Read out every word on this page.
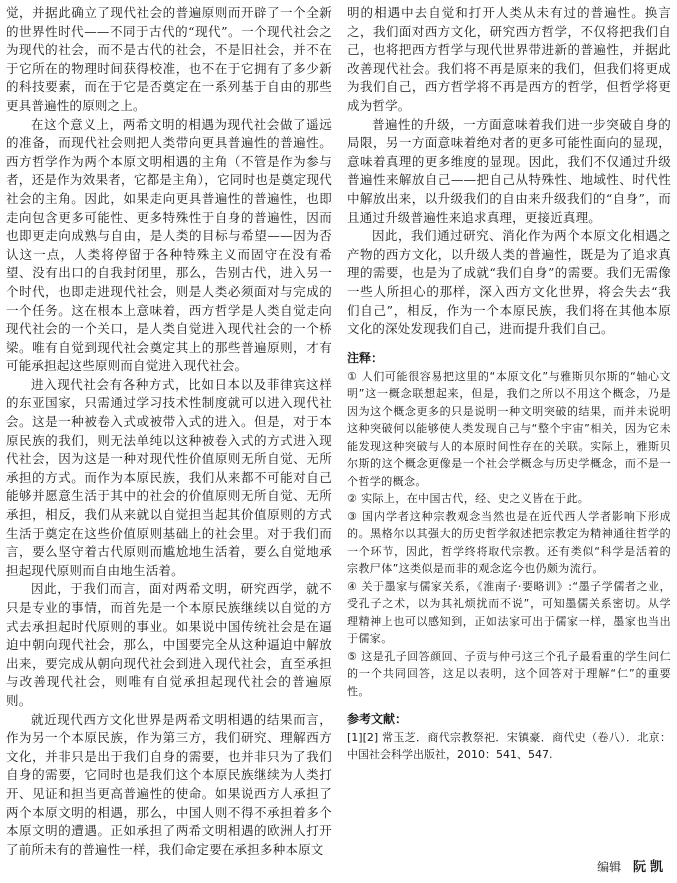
觉，并据此确立了现代社会的普遍原则而开辟了一个全新的世界性时代——不同于古代的“现代”。一个现代社会之为现代的社会，而不是古代的社会，不是旧社会，并不在于它所在的物理时间获得校准，也不在于它拥有了多少新的科技要素，而在于它是否奠定在一系列基于自由的那些更具普遍性的原则之上。

在这个意义上，两希文明的相遇为现代社会做了遥远的准备，而现代社会则把人类带向更具普遍性的普遍性。西方哲学作为两个本原文明相遇的主角（不管是作为参与者，还是作为效果者，它都是主角），它同时也是奠定现代社会的主角。因此，如果走向更具普遍性的普遍性，也即走向包含更多可能性、更多特殊性于自身的普遍性，因而也即更走向成熟与自由，是人类的目标与希望——因为否认这一点，人类将停留于各种特殊主义而固守在没有希望、没有出口的自我封闭里，那么，告别古代，进入另一个时代，也即走进现代社会，则是人类必须面对与完成的一个任务。这在根本上意味着，西方哲学是人类自觉走向现代社会的一个关口，是人类自觉进入现代社会的一个桥梁。唯有自觉到现代社会奠定其上的那些普遍原则，才有可能承担起这些原则而自觉进入现代社会。

进入现代社会有各种方式，比如日本以及菲律宾这样的东亚国家，只需通过学习技术性制度就可以进入现代社会。这是一种被卷入式或被带入式的进入。但是，对于本原民族的我们，则无法单纯以这种被卷入式的方式进入现代社会，因为这是一种对现代性价值原则无所自觉、无所承担的方式。而作为本原民族，我们从来都不可能对自己能够并愿意生活于其中的社会的价值原则无所自觉、无所承担，相反，我们从来就以自觉担当起其价值原则的方式生活于奠定在这些价值原则基础上的社会里。对于我们而言，要么坚守着古代原则而尴尬地生活着，要么自觉地承担起现代原则而自由地生活着。

因此，于我们而言，面对两希文明，研究西学，就不只是专业的事情，而首先是一个本原民族继续以自觉的方式去承担起时代原则的事业。如果说中国传统社会是在逼迫中朝向现代社会，那么，中国要完全从这种逼迫中解放出来，要完成从朝向现代社会到进入现代社会，直至承担与改善现代社会，则唯有自觉承担起现代社会的普遍原则。

就近现代西方文化世界是两希文明相遇的结果而言，作为另一个本原民族，作为第三方，我们研究、理解西方文化，并非只是出于我们自身的需要，也并非只为了我们自身的需要，它同时也是我们这个本原民族继续为人类打开、见证和担当更高普遍性的使命。如果说西方人承担了两个本原文明的相遇，那么，中国人则不得不承担着多个本原文明的遭遇。正如承担了两希文明相遇的欧洲人打开了前所未有的普遍性一样，我们命定要在承担多种本原文

明的相遇中去自觉和打开人类从未有过的普遍性。换言之，我们面对西方文化，研究西方哲学，不仅将把我们自己，也将把西方哲学与现代世界带进新的普遍性，并据此改善现代社会。我们将不再是原来的我们，但我们将更成为我们自己，西方哲学将不再是西方的哲学，但哲学将更成为哲学。

普遍性的升级，一方面意味着我们进一步突破自身的局限，另一方面意味着绝对者的更多可能性面向的显现，意味着真理的更多维度的显现。因此，我们不仅通过升级普遍性来解放自己——把自己从特殊性、地域性、时代性中解放出来，以升级我们的自由来升级我们的“自身”，而且通过升级普遍性来追求真理，更接近真理。

因此，我们通过研究、消化作为两个本原文化相遇之产物的西方文化，以升级人类的普遍性，既是为了追求真理的需要，也是为了成就“我们自身”的需要。我们无需像一些人所担心的那样，深入西方文化世界，将会失去“我们自己”，相反，作为一个本原民族，我们将在其他本原文化的深处发现我们自己，进而提升我们自己。

注释：

① 人们可能很容易把这里的“本原文化”与雅斯贝尔斯的“轴心文明”这一概念联想起来，但是，我们之所以不用这个概念，乃是因为这个概念更多的只是说明一种文明突破的结果，而并未说明这种突破何以能够使人类发现自己与“整个宇宙”相关，因为它未能发现这种突破与人的本原时间性存在的关联。实际上，雅斯贝尔斯的这个概念更像是一个社会学概念与历史学概念，而不是一个哲学的概念。

② 实际上，在中国古代，经、史之义皆在于此。

③ 国内学者这种宗教观念当然也是在近代西人学者影响下形成的。黑格尔以其强大的历史哲学叙述把宗教定为精神通往哲学的一个环节，因此，哲学终将取代宗教。还有类似“科学是活着的宗教尸体”这类似是而非的观念迄今也仍颇为流行。

④ 关于墨家与儒家关系，《淮南子·要略训》:“墨子学儒者之业，受孔子之术，以为其礼烦扰而不说”，可知墨儒关系密切。从学理精神上也可以感知到，正如法家可出于儒家一样，墨家也当出于儒家。

⑤ 这是孔子回答颜回、子贡与仲弓这三个孔子最看重的学生问仁的一个共同回答，这足以表明，这个回答对于理解“仁”的重要性。

参考文献：

[1][2] 常玉芝．商代宗教祭祀．宋镇豪．商代史（卷八）．北京：中国社会科学出版社，2010：541、547.

编辑 阮凯
